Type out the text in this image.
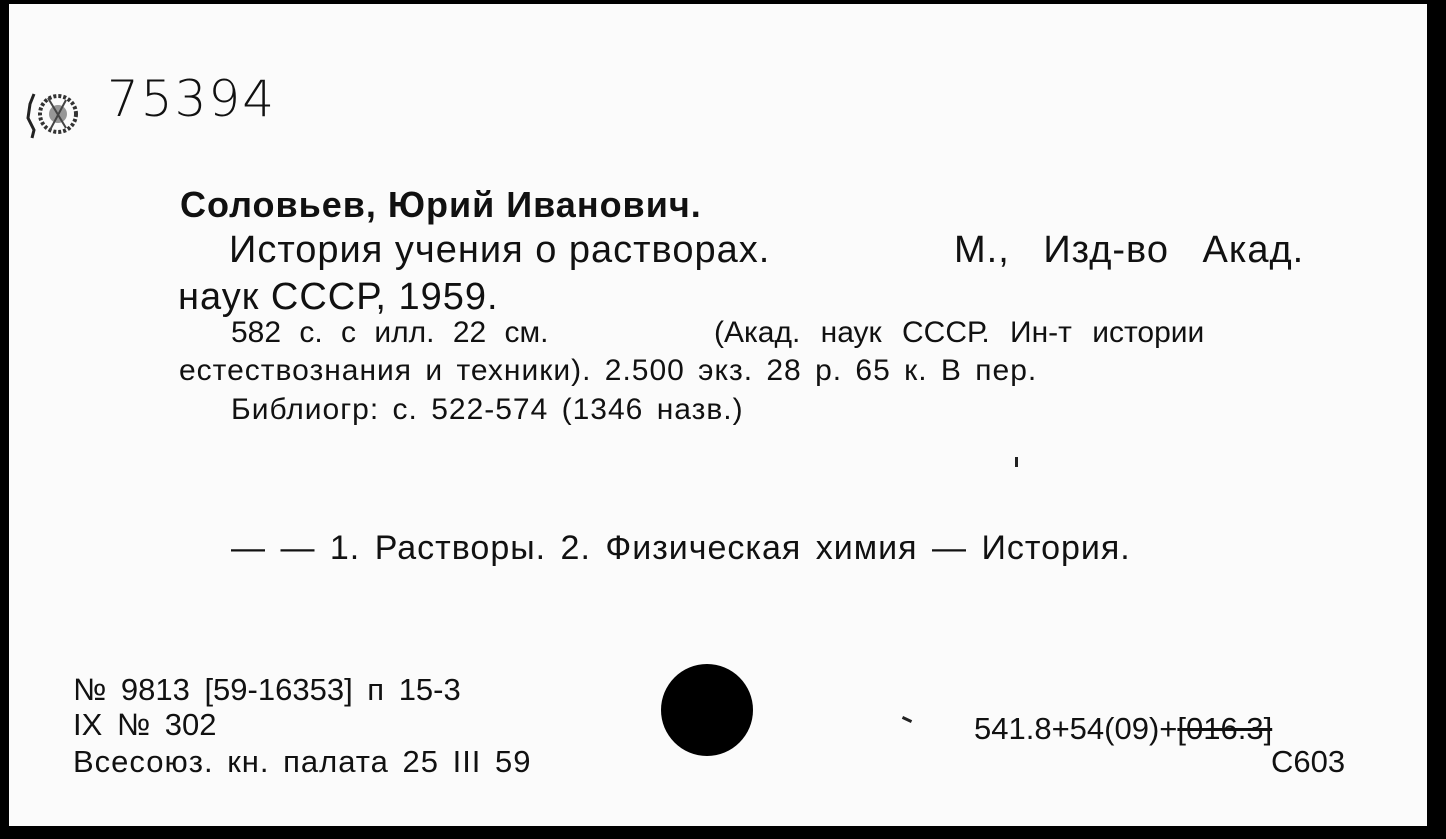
75394
Соловьев, Юрий Иванович.
История учения о растворах.	М., Изд-во Акад.
наук СССР, 1959.
582 с. с илл. 22 см.	(Акад. наук СССР. Ин-т истории
естествознания и техники). 2.500 экз. 28 р. 65 к. В пер.
Библиогр: с. 522-574 (1346 назв.)
— — 1. Растворы. 2. Физическая химия — История.
№ 9813 [59-16353] п 15-3
IX № 302
Всесоюз. кн. палата 25 III 59
541.8+54(09)+[016.3]
С603
